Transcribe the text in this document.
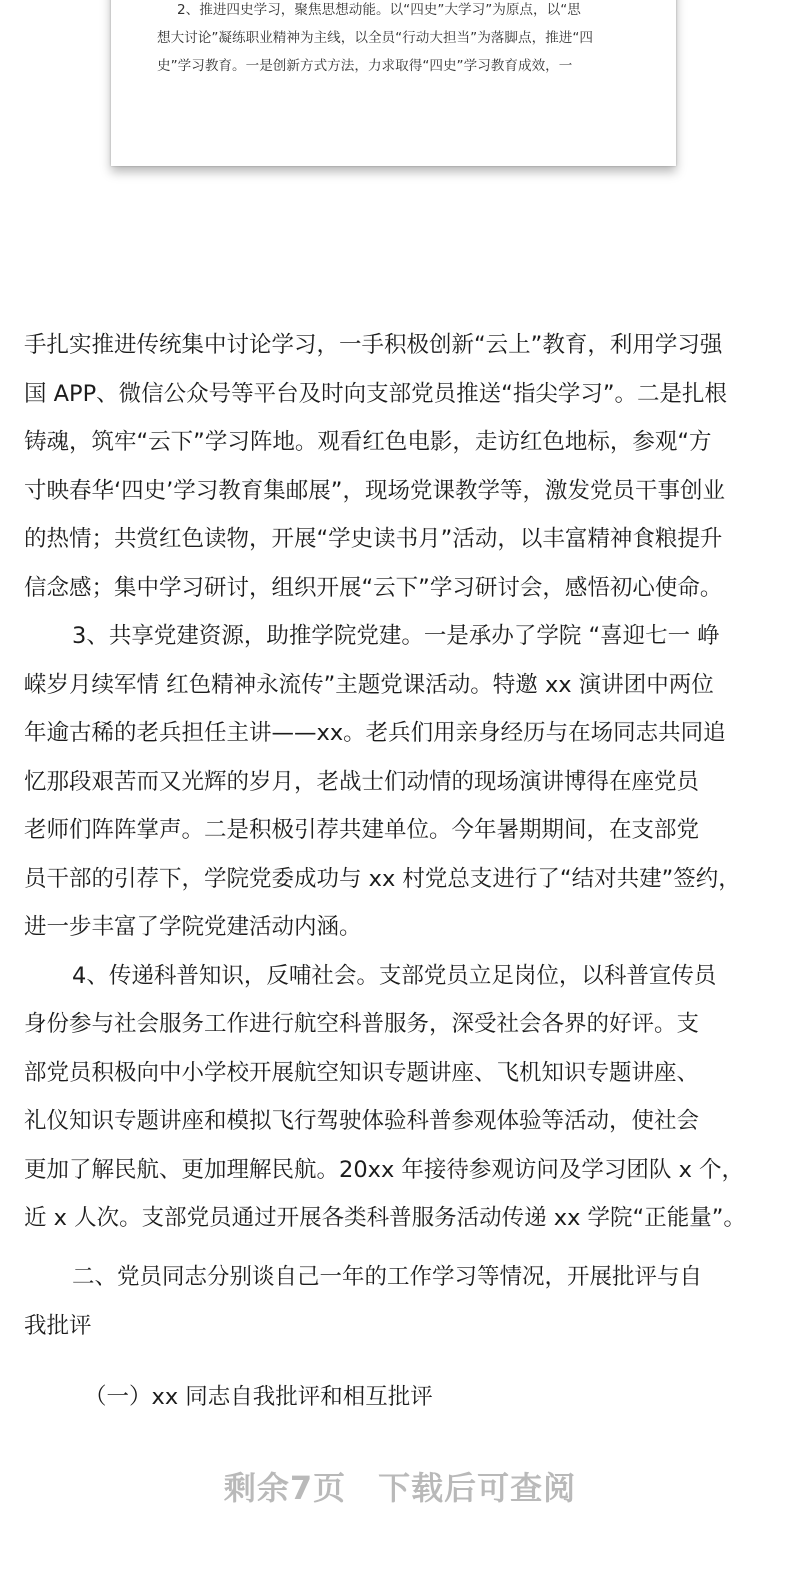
2、推进四史学习，聚焦思想动能。以“四史”大学习”为原点，以“思
想大讨论”凝练职业精神为主线，以全员“行动大担当”为落脚点，推进“四
史”学习教育。一是创新方式方法，力求取得“四史”学习教育成效，一
手扎实推进传统集中讨论学习，一手积极创新“云上”教育，利用学习强
国 APP、微信公众号等平台及时向支部党员推送“指尖学习”。二是扎根
铸魂，筑牢“云下”学习阵地。观看红色电影，走访红色地标，参观“方
寸映春华‘四史’学习教育集邮展”，现场党课教学等，激发党员干事创业
的热情；共赏红色读物，开展“学史读书月”活动，以丰富精神食粮提升
信念感；集中学习研讨，组织开展“云下”学习研讨会，感悟初心使命。
3、共享党建资源，助推学院党建。一是承办了学院 “喜迎七一 峥
嵘岁月续军情 红色精神永流传”主题党课活动。特邀 xx 演讲团中两位
年逾古稀的老兵担任主讲——xx。老兵们用亲身经历与在场同志共同追
忆那段艰苦而又光辉的岁月，老战士们动情的现场演讲博得在座党员
老师们阵阵掌声。二是积极引荐共建单位。今年暑期期间，在支部党
员干部的引荐下，学院党委成功与 xx 村党总支进行了“结对共建”签约，
进一步丰富了学院党建活动内涵。
4、传递科普知识，反哺社会。支部党员立足岗位，以科普宣传员
身份参与社会服务工作进行航空科普服务，深受社会各界的好评。支
部党员积极向中小学校开展航空知识专题讲座、飞机知识专题讲座、
礼仪知识专题讲座和模拟飞行驾驶体验科普参观体验等活动，使社会
更加了解民航、更加理解民航。20xx 年接待参观访问及学习团队 x 个，
近 x 人次。支部党员通过开展各类科普服务活动传递 xx 学院“正能量”。
二、党员同志分别谈自己一年的工作学习等情况，开展批评与自
我批评
（一）xx 同志自我批评和相互批评
剩余7页 下载后可查阅
